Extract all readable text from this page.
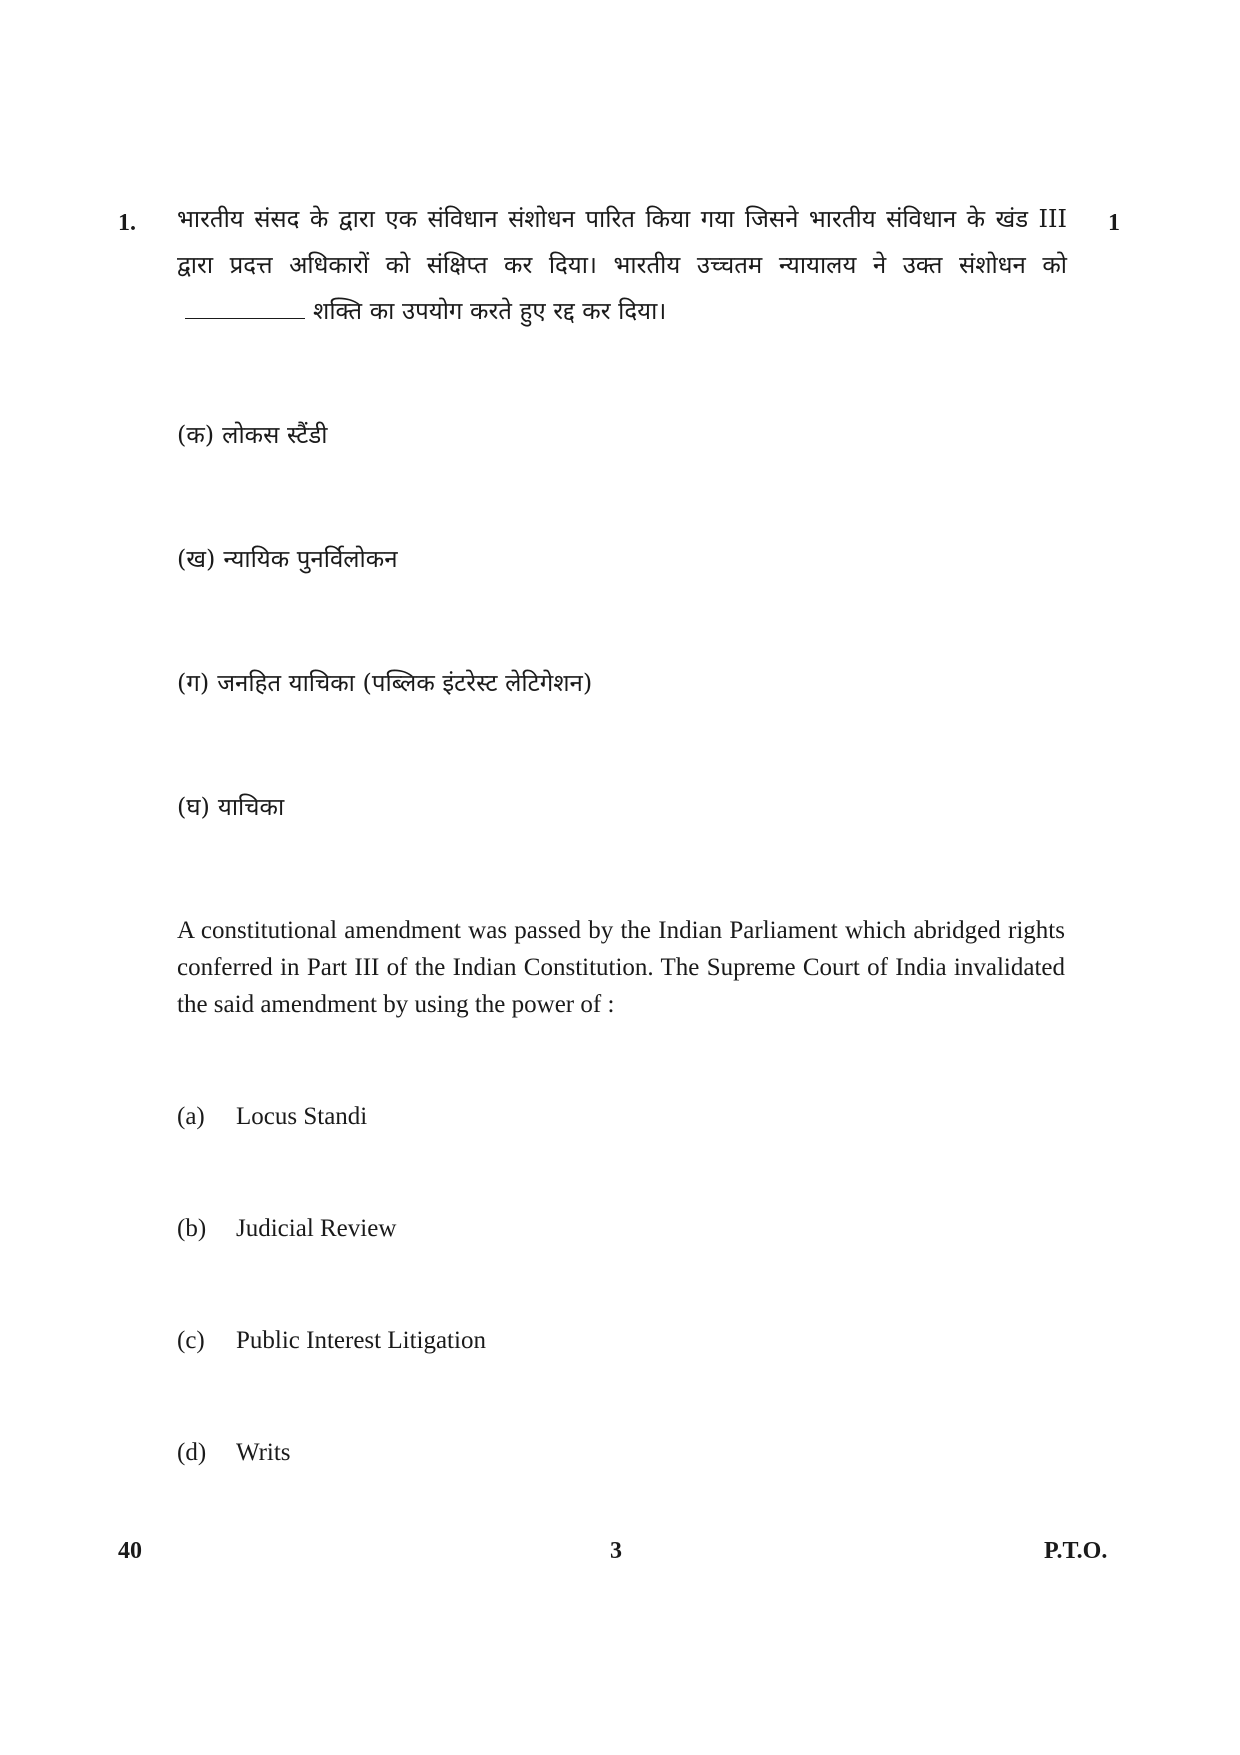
1. भारतीय संसद के द्वारा एक संविधान संशोधन पारित किया गया जिसने भारतीय संविधान के खंड III द्वारा प्रदत्त अधिकारों को संक्षिप्त कर दिया। भारतीय उच्चतम न्यायालय ने उक्त संशोधन कोशक्ति का उपयोग करते हुए रद्द कर दिया।

1
(क) लोकस स्टैंडी
(ख) न्यायिक पुनर्विलोकन
(ग) जनहित याचिका (पब्लिक इंटरेस्ट लेटिगेशन)
(घ) याचिका

A constitutional amendment was passed by the Indian Parliament which abridged rights conferred in Part III of the Indian Constitution. The Supreme Court of India invalidated the said amendment by using the power of :

(a) Locus Standi
(b) Judicial Review
(c) Public Interest Litigation
(d) Writs
40	3	P.T.O.
